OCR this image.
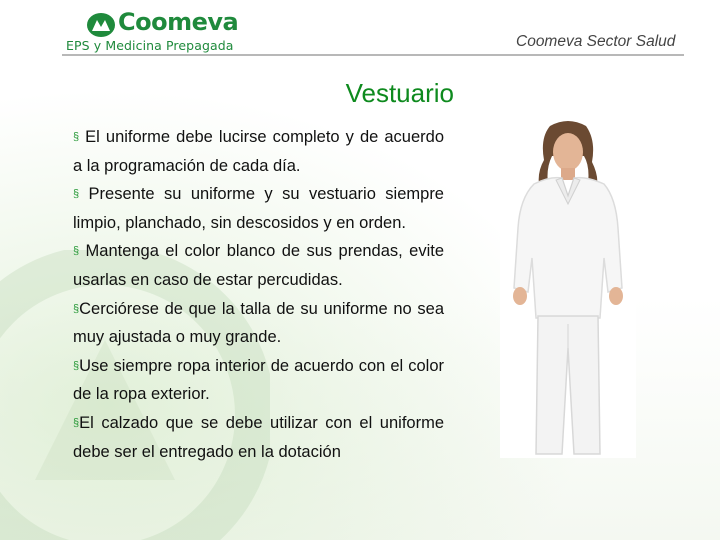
Coomeva
EPS y Medicina Prepagada	Coomeva Sector Salud
Vestuario

§ El uniforme debe lucirse completo y de acuerdo a la programación de cada día.

§ Presente su uniforme y su vestuario siempre limpio, planchado, sin descosidos y en orden.

§ Mantenga el color blanco de sus prendas, evite usarlas en caso de estar percudidas.

§Cerciórese de que la talla de su uniforme no sea muy ajustada o muy grande.

§Use siempre ropa interior de acuerdo con el color de la ropa exterior.

§El calzado que se debe utilizar con el uniforme debe ser el entregado en la dotación
